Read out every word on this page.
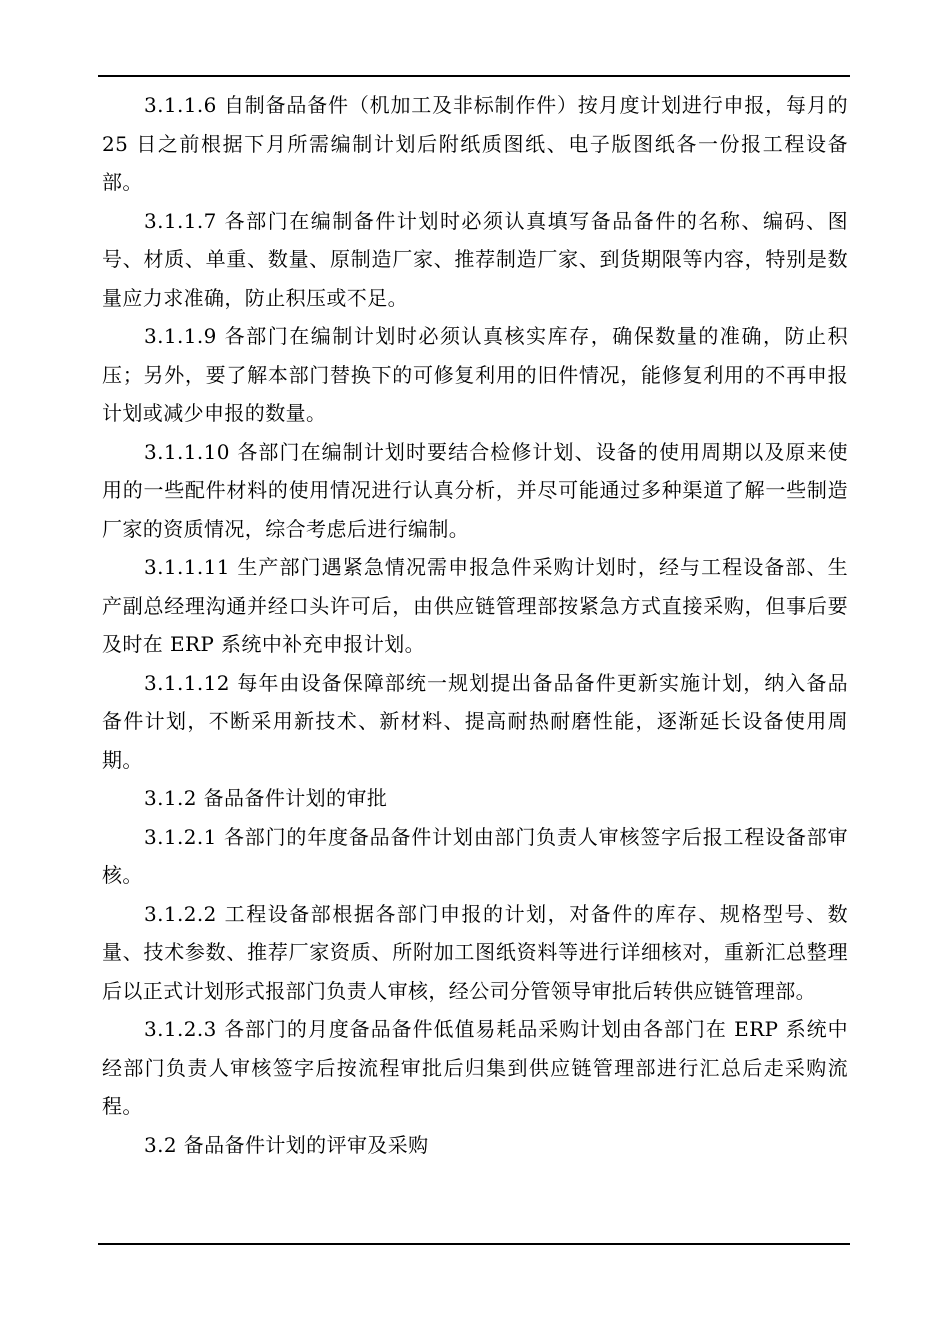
3.1.1.6 自制备品备件（机加工及非标制作件）按月度计划进行申报，每月的 25 日之前根据下月所需编制计划后附纸质图纸、电子版图纸各一份报工程设备部。

3.1.1.7 各部门在编制备件计划时必须认真填写备品备件的名称、编码、图号、材质、单重、数量、原制造厂家、推荐制造厂家、到货期限等内容，特别是数量应力求准确，防止积压或不足。

3.1.1.9 各部门在编制计划时必须认真核实库存，确保数量的准确，防止积压；另外，要了解本部门替换下的可修复利用的旧件情况，能修复利用的不再申报计划或减少申报的数量。

3.1.1.10 各部门在编制计划时要结合检修计划、设备的使用周期以及原来使用的一些配件材料的使用情况进行认真分析，并尽可能通过多种渠道了解一些制造厂家的资质情况，综合考虑后进行编制。

3.1.1.11 生产部门遇紧急情况需申报急件采购计划时，经与工程设备部、生产副总经理沟通并经口头许可后，由供应链管理部按紧急方式直接采购，但事后要及时在 ERP 系统中补充申报计划。

3.1.1.12 每年由设备保障部统一规划提出备品备件更新实施计划，纳入备品备件计划，不断采用新技术、新材料、提高耐热耐磨性能，逐渐延长设备使用周期。

3.1.2 备品备件计划的审批

3.1.2.1 各部门的年度备品备件计划由部门负责人审核签字后报工程设备部审核。

3.1.2.2 工程设备部根据各部门申报的计划，对备件的库存、规格型号、数量、技术参数、推荐厂家资质、所附加工图纸资料等进行详细核对，重新汇总整理后以正式计划形式报部门负责人审核，经公司分管领导审批后转供应链管理部。

3.1.2.3 各部门的月度备品备件低值易耗品采购计划由各部门在 ERP 系统中经部门负责人审核签字后按流程审批后归集到供应链管理部进行汇总后走采购流程。

3.2 备品备件计划的评审及采购
